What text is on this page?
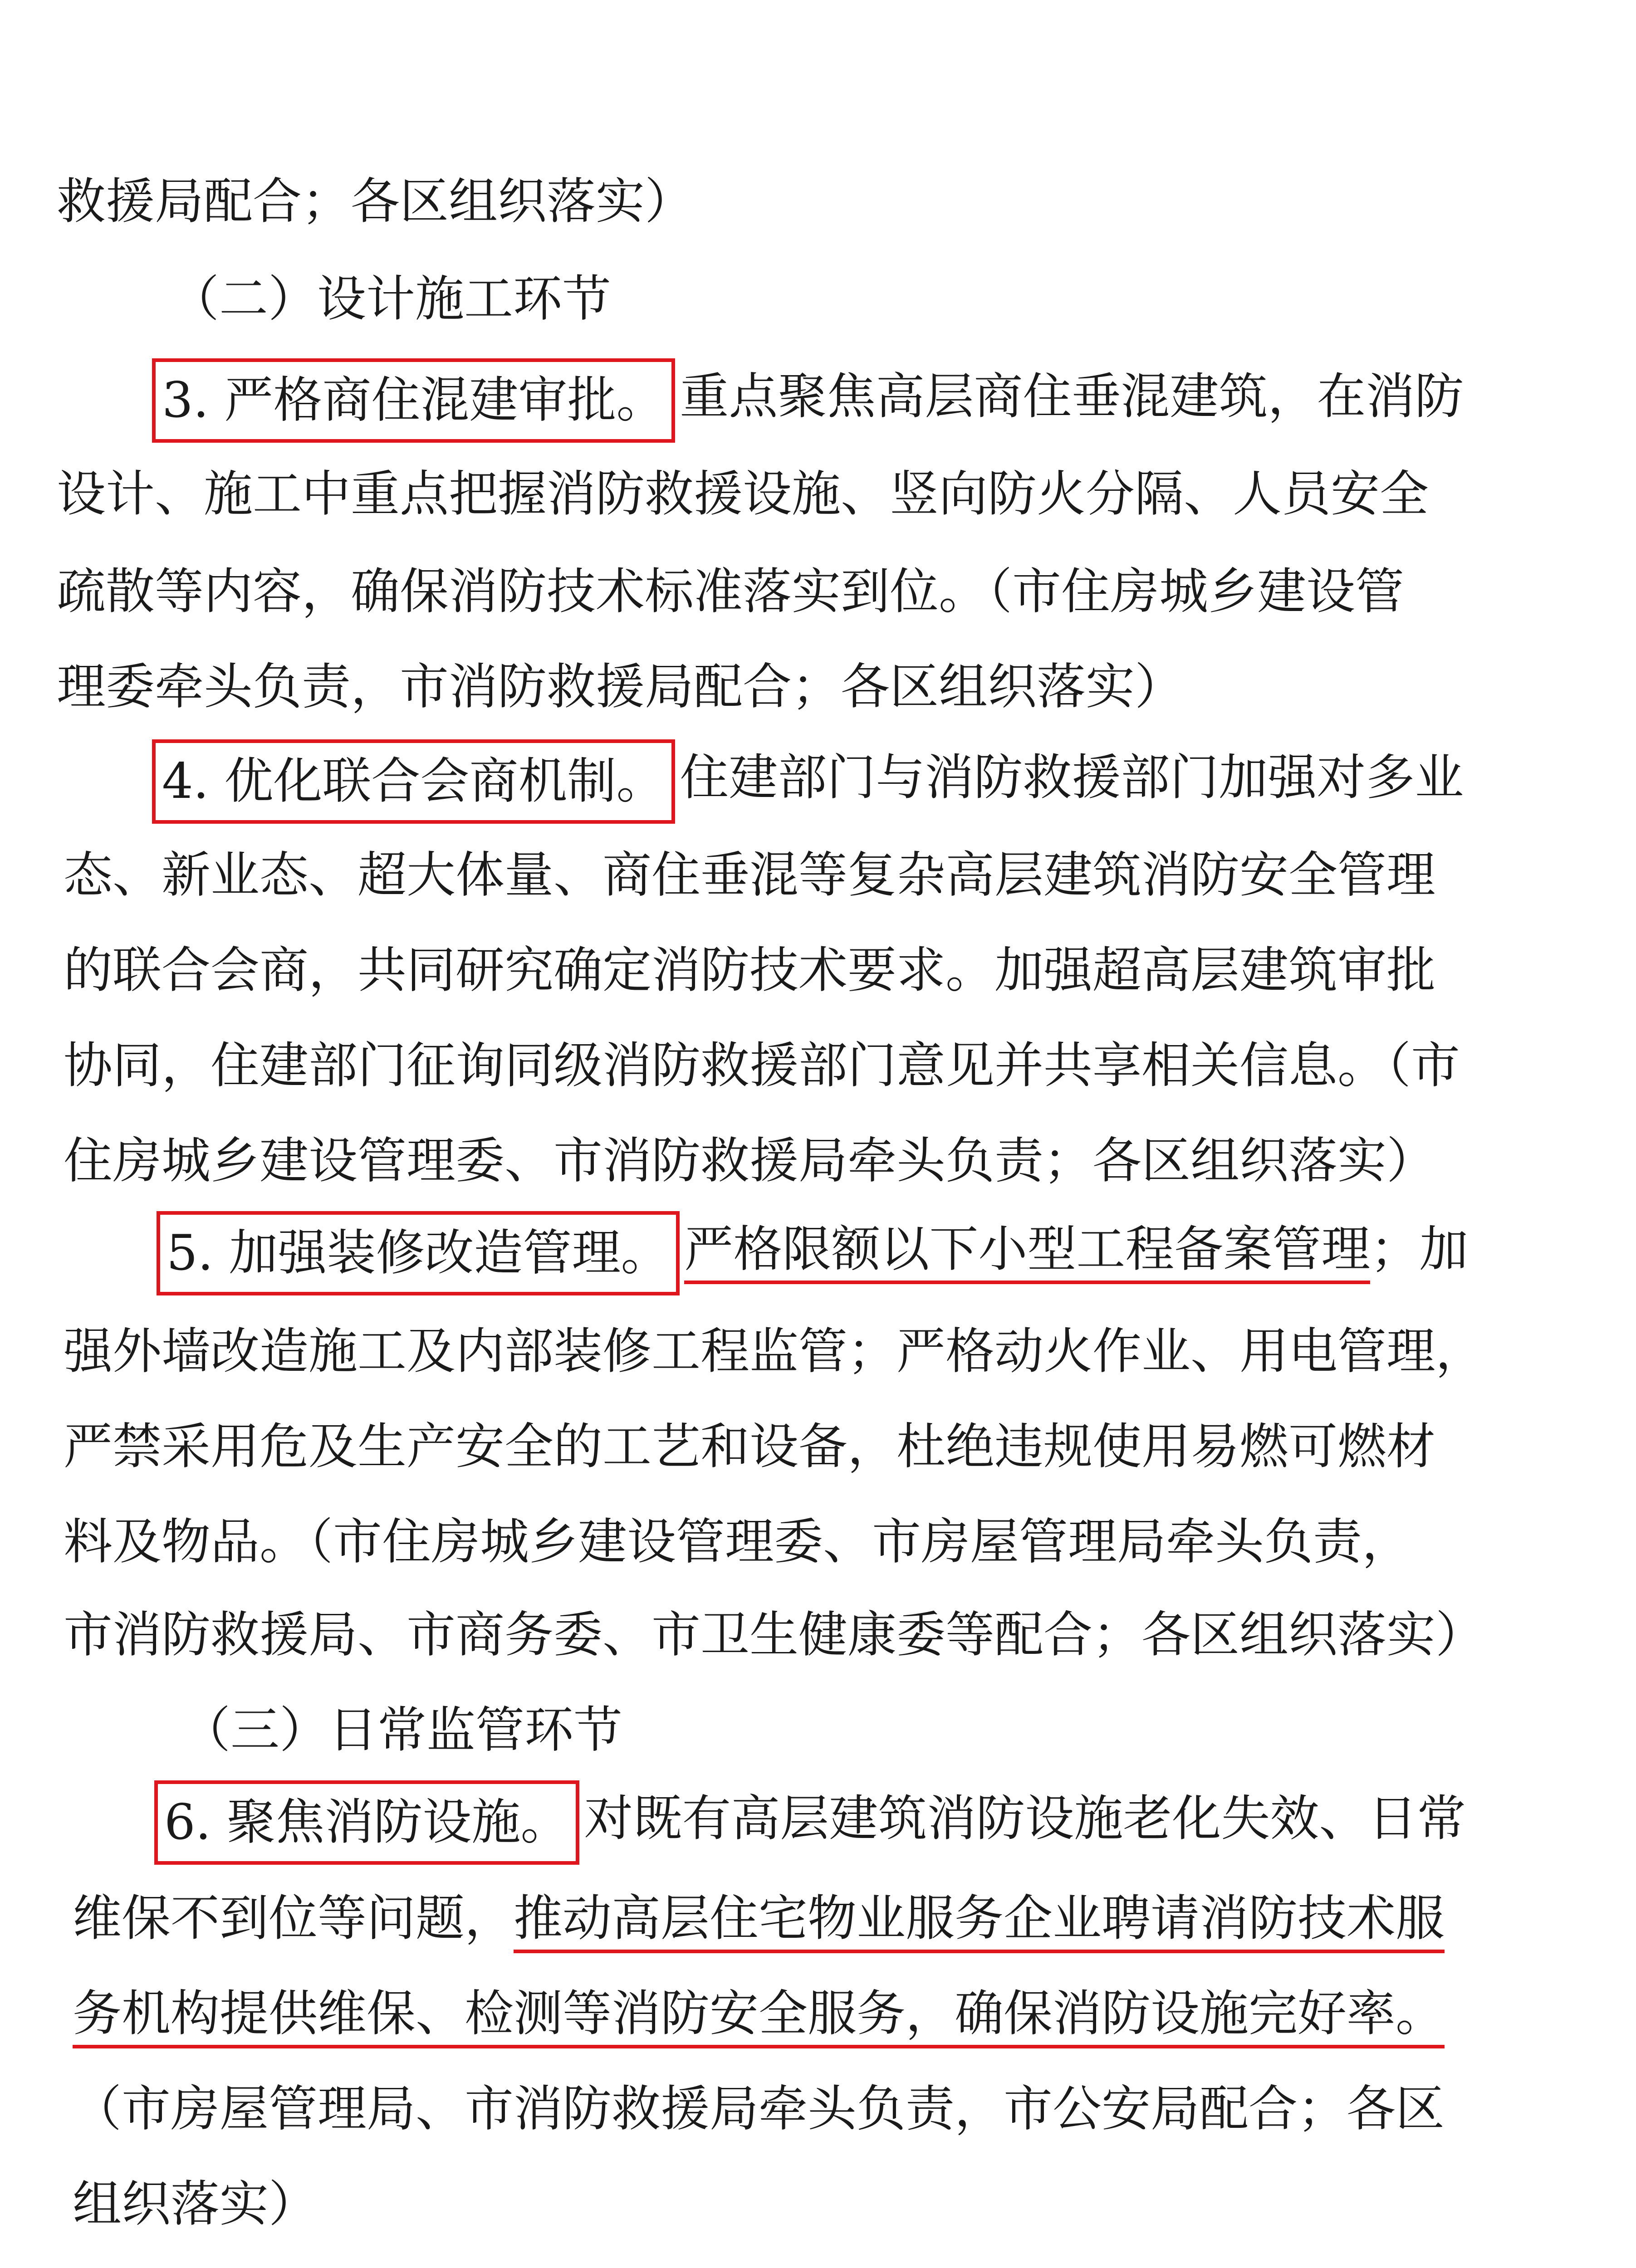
救援局配合；各区组织落实）
（二）设计施工环节
3. 严格商住混建审批。 重点聚焦高层商住垂混建筑，在消防
设计、施工中重点把握消防救援设施、竖向防火分隔、人员安全
疏散等内容，确保消防技术标准落实到位。（市住房城乡建设管
理委牵头负责，市消防救援局配合；各区组织落实）
4. 优化联合会商机制。 住建部门与消防救援部门加强对多业
态、新业态、超大体量、商住垂混等复杂高层建筑消防安全管理
的联合会商，共同研究确定消防技术要求。加强超高层建筑审批
协同，住建部门征询同级消防救援部门意见并共享相关信息。（市
住房城乡建设管理委、市消防救援局牵头负责；各区组织落实）
5. 加强装修改造管理。 严格限额以下小型工程备案管理；加
强外墙改造施工及内部装修工程监管；严格动火作业、用电管理，
严禁采用危及生产安全的工艺和设备，杜绝违规使用易燃可燃材
料及物品。（市住房城乡建设管理委、市房屋管理局牵头负责，
市消防救援局、市商务委、市卫生健康委等配合；各区组织落实）
（三）日常监管环节
6. 聚焦消防设施。 对既有高层建筑消防设施老化失效、日常
维保不到位等问题，推动高层住宅物业服务企业聘请消防技术服
务机构提供维保、检测等消防安全服务，确保消防设施完好率。
（市房屋管理局、市消防救援局牵头负责，市公安局配合；各区
组织落实）
